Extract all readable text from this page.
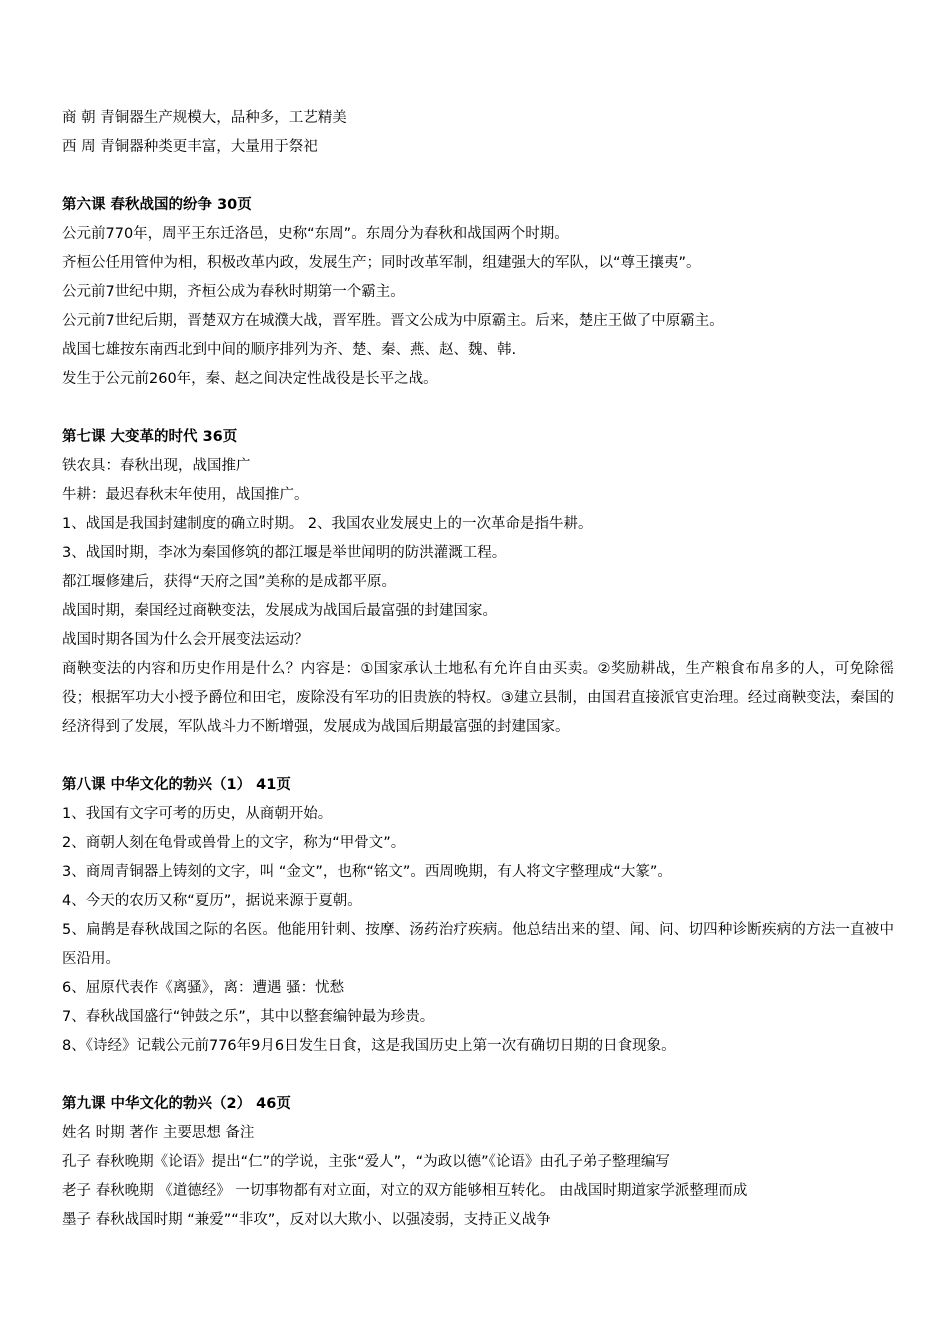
商 朝 青铜器生产规模大，品种多，工艺精美

西 周 青铜器种类更丰富，大量用于祭祀

第六课 春秋战国的纷争 30页

公元前770年，周平王东迁洛邑，史称“东周”。东周分为春秋和战国两个时期。

齐桓公任用管仲为相，积极改革内政，发展生产；同时改革军制，组建强大的军队，以“尊王攘夷”。

公元前7世纪中期，齐桓公成为春秋时期第一个霸主。

公元前7世纪后期，晋楚双方在城濮大战，晋军胜。晋文公成为中原霸主。后来，楚庄王做了中原霸主。

战国七雄按东南西北到中间的顺序排列为齐、楚、秦、燕、赵、魏、韩.

发生于公元前260年，秦、赵之间决定性战役是长平之战。

第七课 大变革的时代 36页

铁农具：春秋出现，战国推广

牛耕：最迟春秋末年使用，战国推广。

1、战国是我国封建制度的确立时期。 2、我国农业发展史上的一次革命是指牛耕。

3、战国时期，李冰为秦国修筑的都江堰是举世闻明的防洪灌溉工程。

都江堰修建后，获得“天府之国”美称的是成都平原。

战国时期，秦国经过商鞅变法，发展成为战国后最富强的封建国家。

战国时期各国为什么会开展变法运动？

商鞅变法的内容和历史作用是什么？内容是：①国家承认土地私有允许自由买卖。②奖励耕战，生产粮食布帛多的人，可免除徭役；根据军功大小授予爵位和田宅，废除没有军功的旧贵族的特权。③建立县制，由国君直接派官吏治理。经过商鞅变法，秦国的经济得到了发展，军队战斗力不断增强，发展成为战国后期最富强的封建国家。

第八课 中华文化的勃兴（1） 41页

1、我国有文字可考的历史，从商朝开始。

2、商朝人刻在龟骨或兽骨上的文字，称为“甲骨文”。

3、商周青铜器上铸刻的文字，叫 “金文”，也称“铭文”。西周晚期，有人将文字整理成“大篆”。

4、今天的农历又称“夏历”，据说来源于夏朝。

5、扁鹊是春秋战国之际的名医。他能用针刺、按摩、汤药治疗疾病。他总结出来的望、闻、问、切四种诊断疾病的方法一直被中医沿用。

6、屈原代表作《离骚》，离：遭遇 骚：忧愁

7、春秋战国盛行“钟鼓之乐”，其中以整套编钟最为珍贵。

8、《诗经》记载公元前776年9月6日发生日食，这是我国历史上第一次有确切日期的日食现象。

第九课 中华文化的勃兴（2） 46页

姓名 时期 著作 主要思想 备注

孔子 春秋晚期《论语》提出“仁”的学说，主张“爱人”，“为政以德”《论语》由孔子弟子整理编写

老子 春秋晚期 《道德经》 一切事物都有对立面，对立的双方能够相互转化。 由战国时期道家学派整理而成

墨子 春秋战国时期 “兼爱”“非攻”，反对以大欺小、以强凌弱，支持正义战争
